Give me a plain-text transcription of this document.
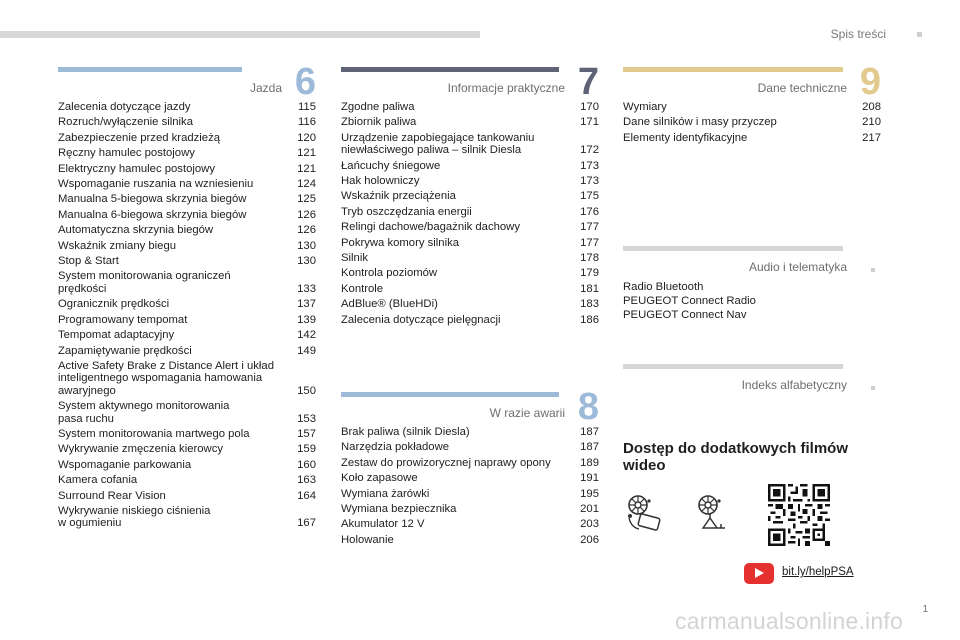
Spis treści
Jazda 6
Zalecenia dotyczące jazdy	115
Rozruch/wyłączenie silnika	116
Zabezpieczenie przed kradzieżą	120
Ręczny hamulec postojowy	121
Elektryczny hamulec postojowy	121
Wspomaganie ruszania na wzniesieniu	124
Manualna 5-biegowa skrzynia biegów	125
Manualna 6-biegowa skrzynia biegów	126
Automatyczna skrzynia biegów	126
Wskaźnik zmiany biegu	130
Stop & Start	130
System monitorowania ograniczeń
prędkości	133
Ogranicznik prędkości	137
Programowany tempomat	139
Tempomat adaptacyjny	142
Zapamiętywanie prędkości	149
Active Safety Brake z Distance Alert i układ
inteligentnego wspomagania hamowania
awaryjnego	150
System aktywnego monitorowania
pasa ruchu	153
System monitorowania martwego pola	157
Wykrywanie zmęczenia kierowcy	159
Wspomaganie parkowania	160
Kamera cofania	163
Surround Rear Vision	164
Wykrywanie niskiego ciśnienia
w ogumieniu	167
Informacje praktyczne 7
Zgodne paliwa	170
Zbiornik paliwa	171
Urządzenie zapobiegające tankowaniu
niewłaściwego paliwa – silnik Diesla	172
Łańcuchy śniegowe	173
Hak holowniczy	173
Wskaźnik przeciążenia	175
Tryb oszczędzania energii	176
Relingi dachowe/bagażnik dachowy	177
Pokrywa komory silnika	177
Silnik	178
Kontrola poziomów	179
Kontrole	181
AdBlue® (BlueHDi)	183
Zalecenia dotyczące pielęgnacji	186
W razie awarii 8
Brak paliwa (silnik Diesla)	187
Narzędzia pokładowe	187
Zestaw do prowizorycznej naprawy opony	189
Koło zapasowe	191
Wymiana żarówki	195
Wymiana bezpiecznika	201
Akumulator 12 V	203
Holowanie	206
Dane techniczne 9
Wymiary	208
Dane silników i masy przyczep	210
Elementy identyfikacyjne	217
Audio i telematyka
Radio Bluetooth
PEUGEOT Connect Radio
PEUGEOT Connect Nav
Indeks alfabetyczny
Dostęp do dodatkowych filmów wideo
bit.ly/helpPSA
1
carmanualsonline.info
